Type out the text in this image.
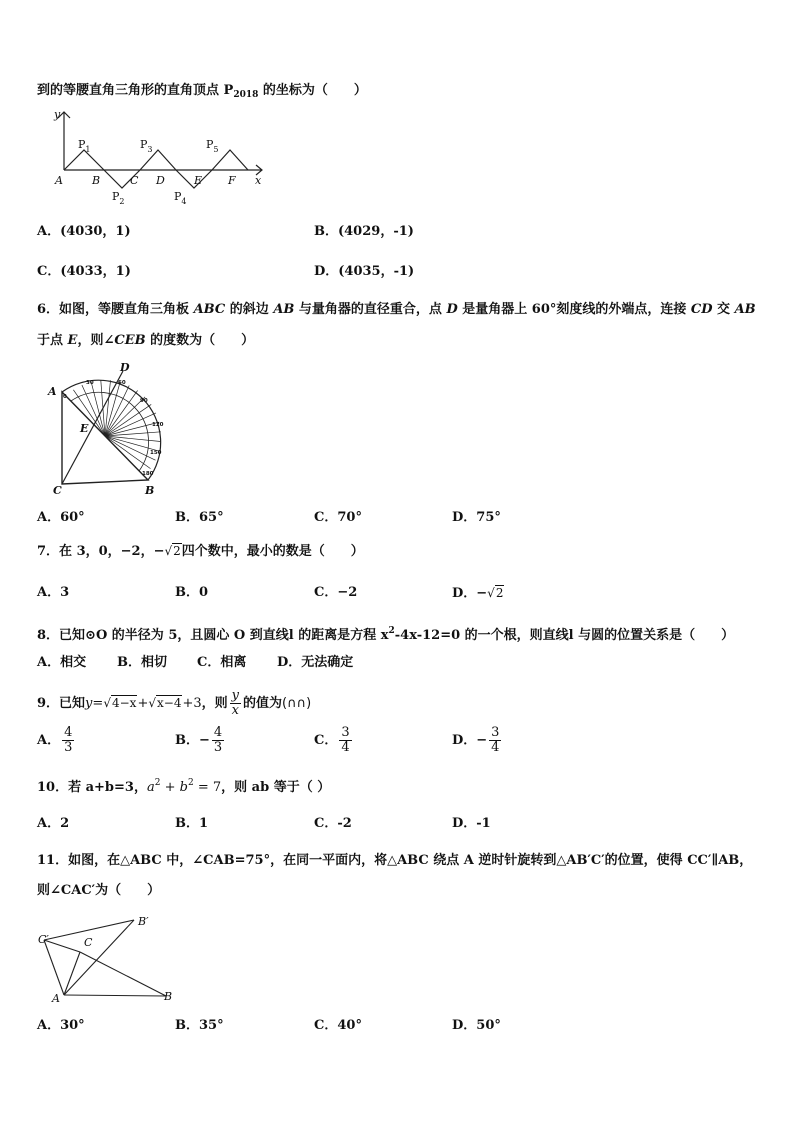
到的等腰直角三角形的直角顶点 $P_{2018}$ 的坐标为（　　）
y
x
A	B	C D	E F
$P_1$
$P_2$
$P_3$
$P_4$
$P_5$
A．(4030，1)	B．(4029，-1)
C．(4033，1)	D．(4035，-1)
6．如图，等腰直角三角板 ABC 的斜边 AB 与量角器的直径重合，点 D 是量角器上 60°刻度线的外端点，连接 CD 交 AB
于点 E，则∠CEB 的度数为（　　）
0
30	60
90
120
150
180
A
C	B
D
E
A．60°	B．65°	C．70°	D．75°
7．在 3，0，−2，−√2四个数中，最小的数是（　　）
A．3	B．0	C．−2	D．−√2
8．已知⊙O 的半径为 5，且圆心 O 到直线l 的距离是方程 $x^2-4x-12=0$ 的一个根，则直线l 与圆的位置关系是（　　）
A．相交 B．相切 C．相离 D．无法确定
9．已知y=√4−x+√x−4+3，则 $\frac{y}{x}$ 的值为(∩∩)
A． $\frac{4}{3}$	B．− $\frac{4}{3}$	C． $\frac{3}{4}$	D．− $\frac{3}{4}$
10．若 a+b=3，$a^2 + b^2 = 7$，则 ab 等于（ ）
A．2	B．1	C．-2	D．-1
11．如图，在△ABC 中，∠CAB=75°，在同一平面内，将△ABC 绕点 A 逆时针旋转到△AB′C′的位置，使得 CC′∥AB，
则∠CAC′为（　　）
C′	C
B′
A	B
A．30°	B．35°	C．40°	D．50°
